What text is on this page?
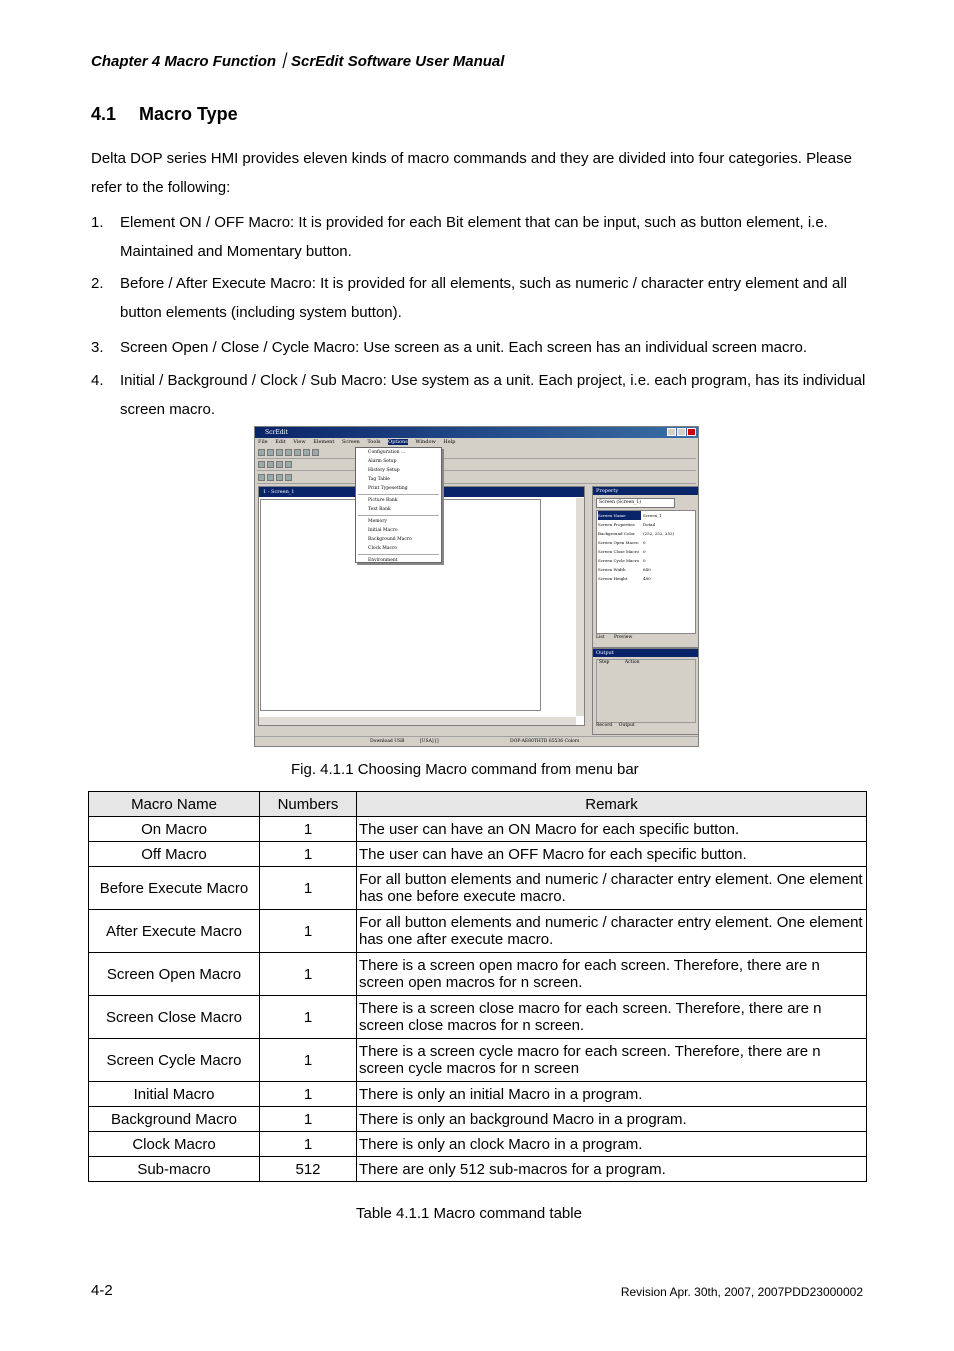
Chapter 4 Macro Function｜ScrEdit Software User Manual
4.1 Macro Type
Delta DOP series HMI provides eleven kinds of macro commands and they are divided into four categories. Please refer to the following:
1. Element ON / OFF Macro: It is provided for each Bit element that can be input, such as button element, i.e. Maintained and Momentary button.
2. Before / After Execute Macro: It is provided for all elements, such as numeric / character entry element and all button elements (including system button).
3. Screen Open / Close / Cycle Macro: Use screen as a unit. Each screen has an individual screen macro.
4. Initial / Background / Clock / Sub Macro: Use system as a unit. Each project, i.e. each program, has its individual screen macro.
ScrEdit
File Edit View Element Screen Tools Options Window Help
1 - Screen_1
Configuration ...
Alarm Setup
History Setup
Tag Table
Print Typesetting
Picture Bank
Text Bank
Memory
Initial Macro
Background Macro
Clock Macro
Environment
Property
Screen (Screen_1)
Screen Name	Screen_1
Screen Properties	Detail
Background Color	(252, 252, 252)
Screen Open Macro	0
Screen Close Macro	0
Screen Cycle Macro	0
Screen Width	640
Screen Height	480
List Preview
Output
Step	Action
Record Output
Download USB	[USA] []	DOP-AE80THTD 65536 Colors
Fig. 4.1.1 Choosing Macro command from menu bar
Macro Name	Numbers	Remark
On Macro	1	The user can have an ON Macro for each specific button.
Off Macro	1	The user can have an OFF Macro for each specific button.
Before Execute Macro	1	For all button elements and numeric / character entry element. One element has one before execute macro.
After Execute Macro	1	For all button elements and numeric / character entry element. One element has one after execute macro.
Screen Open Macro	1	There is a screen open macro for each screen. Therefore, there are n screen open macros for n screen.
Screen Close Macro	1	There is a screen close macro for each screen. Therefore, there are n screen close macros for n screen.
Screen Cycle Macro	1	There is a screen cycle macro for each screen. Therefore, there are n screen cycle macros for n screen
Initial Macro	1	There is only an initial Macro in a program.
Background Macro	1	There is only an background Macro in a program.
Clock Macro	1	There is only an clock Macro in a program.
Sub-macro	512	There are only 512 sub-macros for a program.
Table 4.1.1 Macro command table
4-2	Revision Apr. 30th, 2007, 2007PDD23000002
